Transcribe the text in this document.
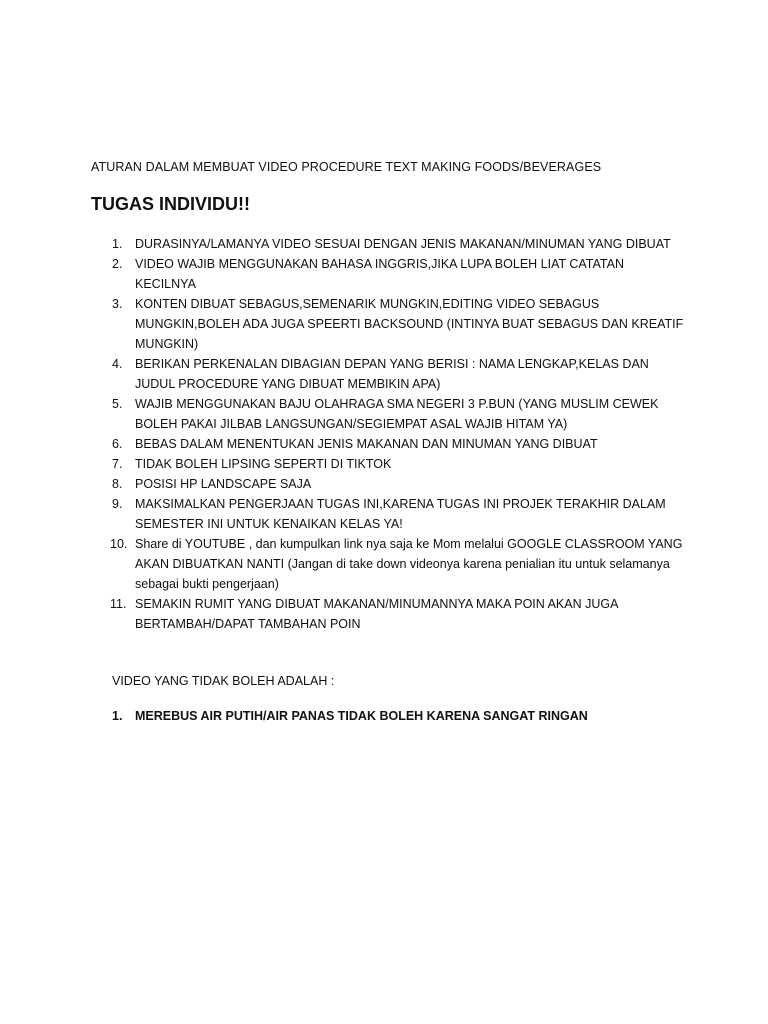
ATURAN DALAM MEMBUAT VIDEO PROCEDURE TEXT MAKING FOODS/BEVERAGES
TUGAS INDIVIDU!!
1.	DURASINYA/LAMANYA VIDEO SESUAI DENGAN JENIS MAKANAN/MINUMAN YANG DIBUAT
2.	VIDEO WAJIB MENGGUNAKAN BAHASA INGGRIS,JIKA LUPA BOLEH LIAT CATATAN KECILNYA
3.	KONTEN DIBUAT SEBAGUS,SEMENARIK MUNGKIN,EDITING VIDEO SEBAGUS MUNGKIN,BOLEH ADA JUGA SPEERTI BACKSOUND (INTINYA BUAT SEBAGUS DAN KREATIF MUNGKIN)
4.	BERIKAN PERKENALAN DIBAGIAN DEPAN YANG BERISI : NAMA LENGKAP,KELAS DAN JUDUL PROCEDURE YANG DIBUAT MEMBIKIN APA)
5.	WAJIB MENGGUNAKAN BAJU OLAHRAGA SMA NEGERI 3 P.BUN (YANG MUSLIM CEWEK BOLEH PAKAI JILBAB LANGSUNGAN/SEGIEMPAT ASAL WAJIB HITAM YA)
6.	BEBAS DALAM MENENTUKAN JENIS MAKANAN DAN MINUMAN YANG DIBUAT
7.	TIDAK BOLEH LIPSING SEPERTI DI TIKTOK
8.	POSISI HP LANDSCAPE SAJA
9.	MAKSIMALKAN PENGERJAAN TUGAS INI,KARENA TUGAS INI PROJEK TERAKHIR DALAM SEMESTER INI UNTUK KENAIKAN KELAS YA!
10. Share di YOUTUBE , dan kumpulkan link nya saja ke Mom melalui GOOGLE CLASSROOM YANG AKAN DIBUATKAN NANTI (Jangan di take down videonya karena penialian itu untuk selamanya sebagai bukti pengerjaan)
11. SEMAKIN RUMIT YANG DIBUAT MAKANAN/MINUMANNYA MAKA POIN AKAN JUGA BERTAMBAH/DAPAT TAMBAHAN POIN
VIDEO YANG TIDAK BOLEH ADALAH :
1. MEREBUS AIR PUTIH/AIR PANAS TIDAK BOLEH KARENA SANGAT RINGAN
